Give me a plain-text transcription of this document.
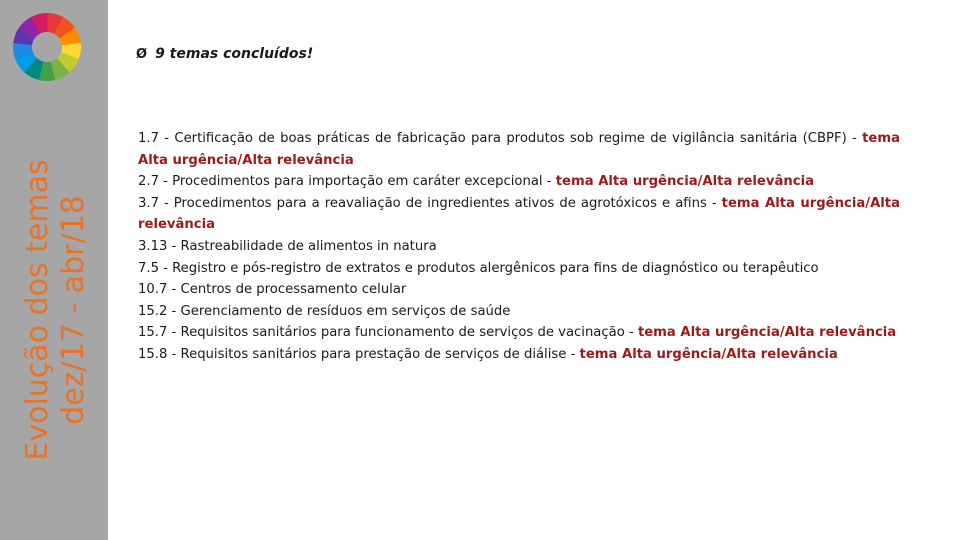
Evolução dos temas dez/17 - abr/18
Ø 9 temas concluídos!

1.7 - Certificação de boas práticas de fabricação para produtos sob regime de vigilância sanitária (CBPF) - tema Alta urgência/Alta relevância

2.7 - Procedimentos para importação em caráter excepcional - tema Alta urgência/Alta relevância

3.7 - Procedimentos para a reavaliação de ingredientes ativos de agrotóxicos e afins - tema Alta urgência/Alta relevância

3.13 - Rastreabilidade de alimentos in natura

7.5 - Registro e pós-registro de extratos e produtos alergênicos para fins de diagnóstico ou terapêutico

10.7 - Centros de processamento celular

15.2 - Gerenciamento de resíduos em serviços de saúde

15.7 - Requisitos sanitários para funcionamento de serviços de vacinação - tema Alta urgência/Alta relevância

15.8 - Requisitos sanitários para prestação de serviços de diálise - tema Alta urgência/Alta relevância
